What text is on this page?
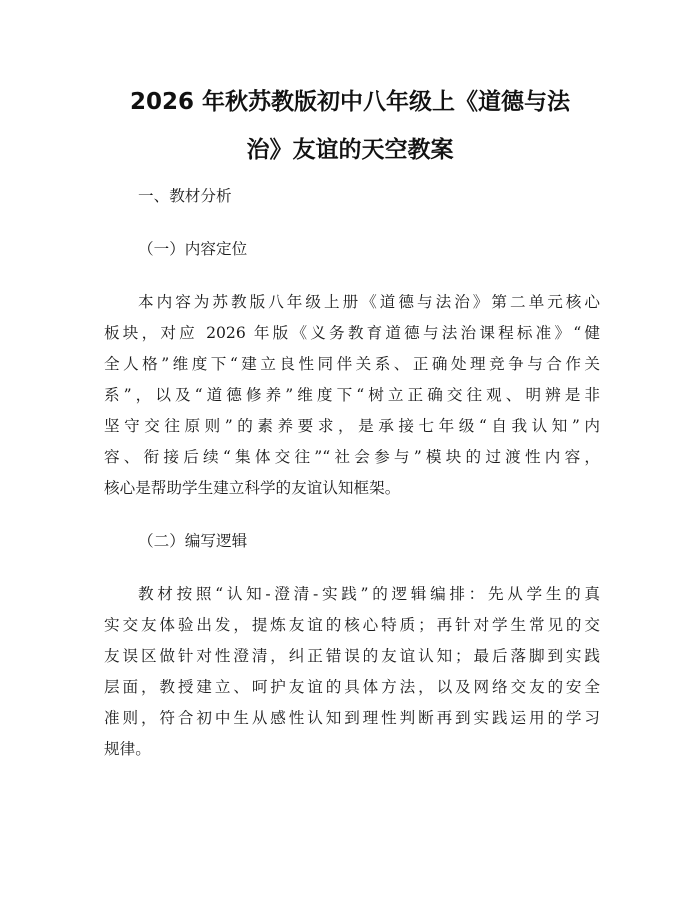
2026 年秋苏教版初中八年级上《道德与法
治》友谊的天空教案
一、教材分析
（一）内容定位
本内容为苏教版八年级上册《道德与法治》第二单元核心
板块，对应 2026 年版《义务教育道德与法治课程标准》“健
全人格”维度下“建立良性同伴关系、正确处理竞争与合作关
系”，以及“道德修养”维度下“树立正确交往观、明辨是非
坚守交往原则”的素养要求，是承接七年级“自我认知”内
容、衔接后续“集体交往”“社会参与”模块的过渡性内容，
核心是帮助学生建立科学的友谊认知框架。
（二）编写逻辑
教材按照“认知-澄清-实践”的逻辑编排：先从学生的真
实交友体验出发，提炼友谊的核心特质；再针对学生常见的交
友误区做针对性澄清，纠正错误的友谊认知；最后落脚到实践
层面，教授建立、呵护友谊的具体方法，以及网络交友的安全
准则，符合初中生从感性认知到理性判断再到实践运用的学习
规律。
